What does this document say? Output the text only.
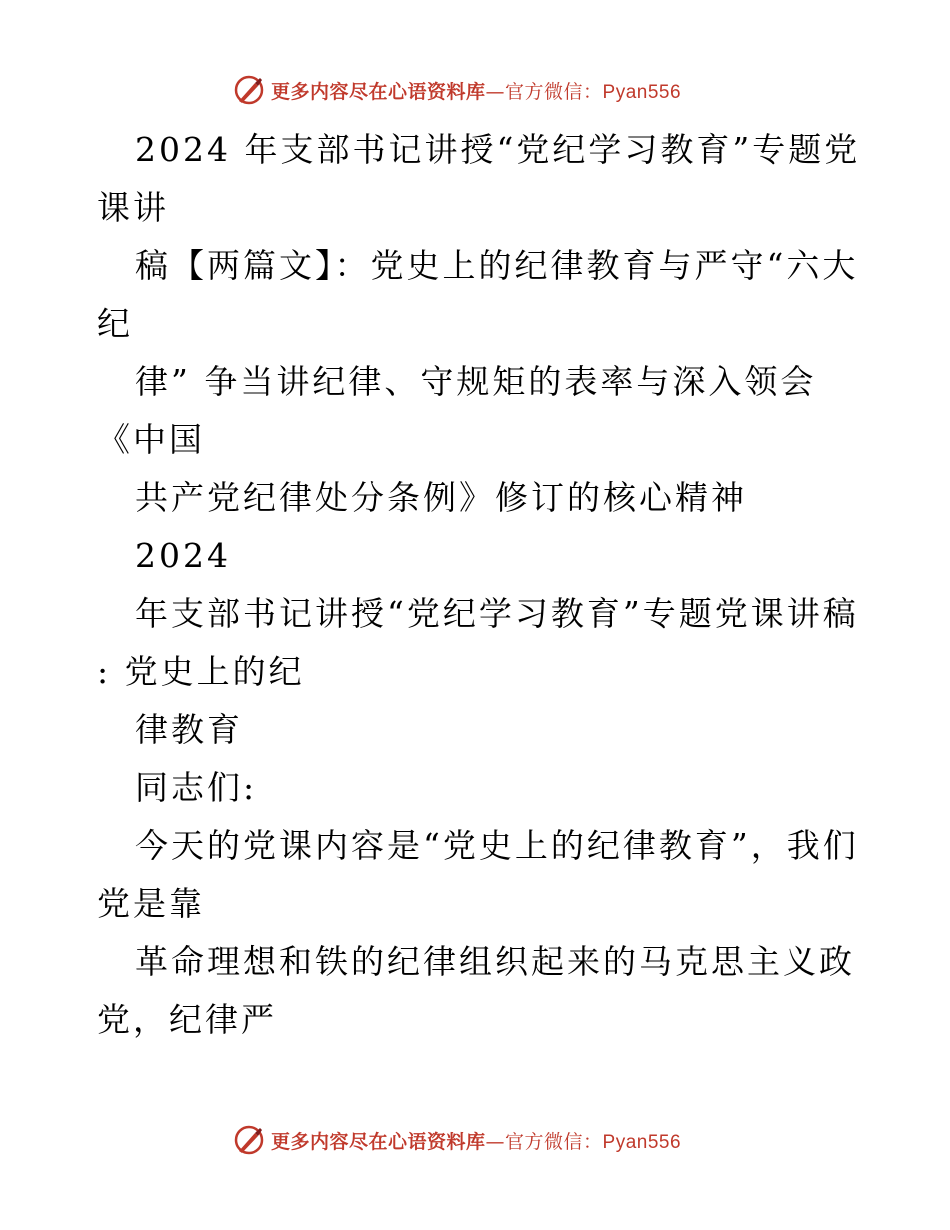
更多内容尽在心语资料库—官方微信：Pyan556
2024 年支部书记讲授“党纪学习教育”专题党
课讲
稿【两篇文】：党史上的纪律教育与严守“六大
纪
律” 争当讲纪律、守规矩的表率与深入领会
《中国
共产党纪律处分条例》修订的核心精神
2024
年支部书记讲授“党纪学习教育”专题党课讲稿
: 党史上的纪
律教育
同志们:
今天的党课内容是“党史上的纪律教育”，我们
党是靠
革命理想和铁的纪律组织起来的马克思主义政
党，纪律严
更多内容尽在心语资料库—官方微信：Pyan556
